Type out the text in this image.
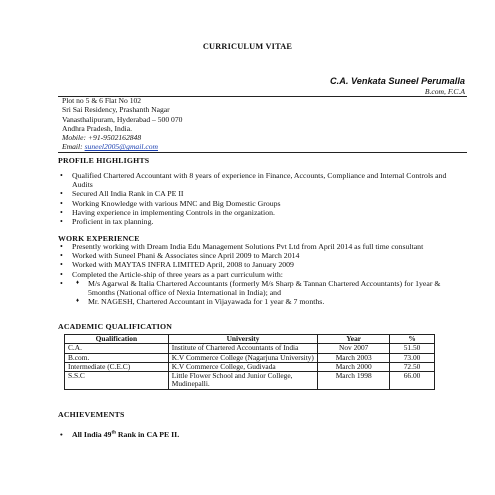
CURRICULUM VITAE
C.A. Venkata Suneel Perumalla
B.com, F.C.A
Plot no 5 & 6 Flat No 102
Sri Sai Residency, Prashanth Nagar
Vanasthalipuram, Hyderabad – 500 070
Andhra Pradesh, India.
Mobile: +91-9502162848
Email: suneel2005@gmail.com
PROFILE HIGHLIGHTS
• Qualified Chartered Accountant with 8 years of experience in Finance, Accounts, Compliance and Internal Controls and Audits
• Secured All India Rank in CA PE II
• Working Knowledge with various MNC and Big Domestic Groups
• Having experience in implementing Controls in the organization.
• Proficient in tax planning.
WORK EXPERIENCE
• Presently working with Dream India Edu Management Solutions Pvt Ltd from April 2014 as full time consultant
• Worked with Suneel Phani & Associates since April 2009 to March 2014
• Worked with MAYTAS INFRA LIMITED April, 2008 to January 2009
• Completed the Article-ship of three years as a part curriculum with:
♦ • M/s Agarwal & Italia Chartered Accountants (formerly M/s Sharp & Tannan Chartered Accountants) for 1year & 5months (National office of Nexia International in India); and
♦ Mr. NAGESH, Chartered Accountant in Vijayawada for 1 year & 7 months.
ACADEMIC QUALIFICATION
Qualification	University	Year	%
C.A.	Institute of Chartered Accountants of India	Nov 2007	51.50
B.com.	K.V Commerce College (Nagarjuna University)	March 2003	73.00
Intermediate (C.E.C)	K.V Commerce College, Gudivada	March 2000	72.50
S.S.C	Little Flower School and Junior College, Mudinepalli.	March 1998	66.00
ACHIEVEMENTS
• All India 49th Rank in CA PE II.
